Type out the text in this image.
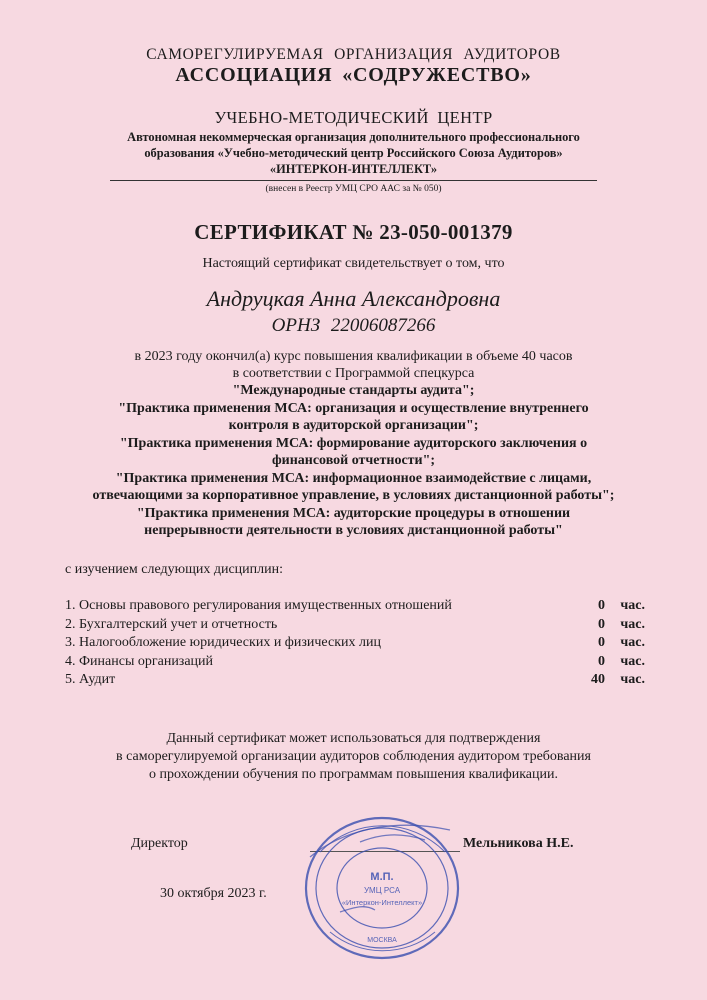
САМОРЕГУЛИРУЕМАЯ ОРГАНИЗАЦИЯ АУДИТОРОВ
АССОЦИАЦИЯ «СОДРУЖЕСТВО»
УЧЕБНО-МЕТОДИЧЕСКИЙ ЦЕНТР
Автономная некоммерческая организация дополнительного профессионального
образования «Учебно-методический центр Российского Союза Аудиторов»
«ИНТЕРКОН-ИНТЕЛЛЕКТ»
(внесен в Реестр УМЦ СРО ААС за № 050)
СЕРТИФИКАТ № 23-050-001379
Настоящий сертификат свидетельствует о том, что
Андруцкая Анна Александровна
ОРНЗ 22006087266
в 2023 году окончил(а) курс повышения квалификации в объеме 40 часов
в соответствии с Программой спецкурса
"Международные стандарты аудита";
"Практика применения МСА: организация и осуществление внутреннего
контроля в аудиторской организации";
"Практика применения МСА: формирование аудиторского заключения о
финансовой отчетности";
"Практика применения МСА: информационное взаимодействие с лицами,
отвечающими за корпоративное управление, в условиях дистанционной работы";
"Практика применения МСА: аудиторские процедуры в отношении
непрерывности деятельности в условиях дистанционной работы"
с изучением следующих дисциплин:
1. Основы правового регулирования имущественных отношений	0 час.
2. Бухгалтерский учет и отчетность	0 час.
3. Налогообложение юридических и физических лиц	0 час.
4. Финансы организаций	0 час.
5. Аудит	40 час.
Данный сертификат может использоваться для подтверждения
в саморегулируемой организации аудиторов соблюдения аудитором требования
о прохождении обучения по программам повышения квалификации.
Директор	Мельникова Н.Е.
30 октября 2023 г.
М.П.
УМЦ РСА
«Интеркон-Интеллект»
МОСКВА
